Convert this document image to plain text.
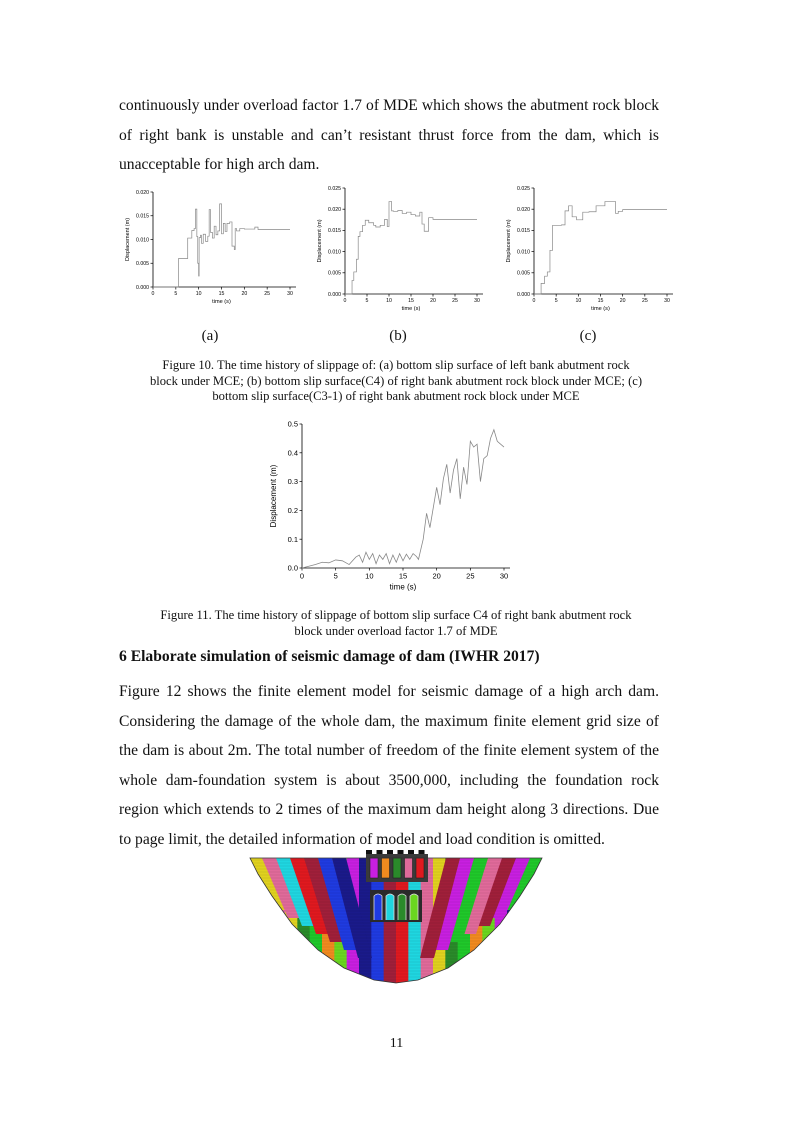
continuously under overload factor 1.7 of MDE which shows the abutment rock block of right bank is unstable and can’t resistant thrust force from the dam, which is unacceptable for high arch dam.
0	5	10	15	20	25	30
0.000
0.005
0.010
0.015
0.020
time (s)
Displacement (m)
0	5	10	15	20	25	30
0.000
0.005
0.010
0.015
0.020
0.025
time (s)
Displacement (m)
0	5	10	15	20	25	30
0.000
0.005
0.010
0.015
0.020
0.025
time (s)
Displacement (m)
(a)	(b)	(c)
Figure 10. The time history of slippage of: (a) bottom slip surface of left bank abutment rock
block under MCE; (b) bottom slip surface(C4) of right bank abutment rock block under MCE; (c)
bottom slip surface(C3-1) of right bank abutment rock block under MCE
0	5	10	15	20	25	30
0.0
0.1
0.2
0.3
0.4
0.5
time (s)
Displacement (m)
Figure 11. The time history of slippage of bottom slip surface C4 of right bank abutment rock
block under overload factor 1.7 of MDE
6 Elaborate simulation of seismic damage of dam (IWHR 2017)
Figure 12 shows the finite element model for seismic damage of a high arch dam. Considering the damage of the whole dam, the maximum finite element grid size of the dam is about 2m. The total number of freedom of the finite element system of the whole dam-foundation system is about 3500,000, including the foundation rock region which extends to 2 times of the maximum dam height along 3 directions. Due to page limit, the detailed information of model and load condition is omitted.
11
